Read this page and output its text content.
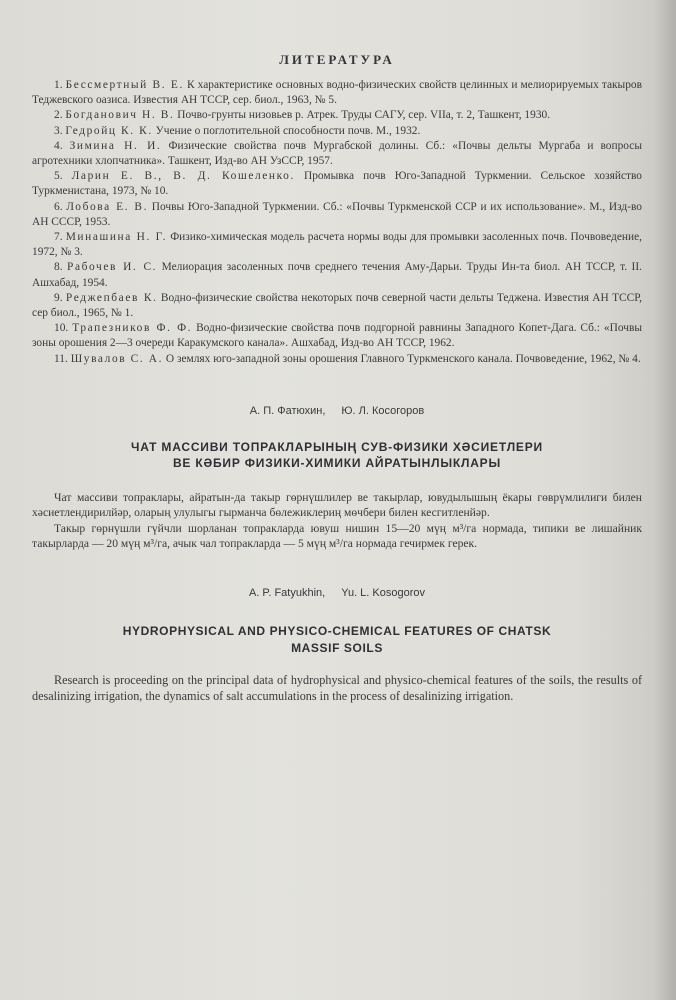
ЛИТЕРАТУРА

1. Бессмертный В. Е. К характеристике основных водно-физических свойств целинных и мелиорируемых такыров Теджевского оазиса. Известия АН ТССР, сер. биол., 1963, № 5.

2. Богданович Н. В. Почво-грунты низовьев р. Атрек. Труды САГУ, сер. VIIа, т. 2, Ташкент, 1930.

3. Гедройц К. К. Учение о поглотительной способности почв. М., 1932.

4. Зимина Н. И. Физические свойства почв Мургабской долины. Сб.: «Почвы дельты Мургаба и вопросы агротехники хлопчатника». Ташкент, Изд-во АН УзССР, 1957.

5. Ларин Е. В., В. Д. Кошеленко. Промывка почв Юго-Западной Туркмении. Сельское хозяйство Туркменистана, 1973, № 10.

6. Лобова Е. В. Почвы Юго-Западной Туркмении. Сб.: «Почвы Туркменской ССР и их использование». М., Изд-во АН СССР, 1953.

7. Минашина Н. Г. Физико-химическая модель расчета нормы воды для промывки засоленных почв. Почвоведение, 1972, № 3.

8. Рабочев И. С. Мелиорация засоленных почв среднего течения Аму-Дарьи. Труды Ин-та биол. АН ТССР, т. II. Ашхабад, 1954.

9. Реджепбаев К. Водно-физические свойства некоторых почв северной части дельты Теджена. Известия АН ТССР, сер биол., 1965, № 1.

10. Трапезников Ф. Ф. Водно-физические свойства почв подгорной равнины Западного Копет-Дага. Сб.: «Почвы зоны орошения 2—3 очереди Каракумского канала». Ашхабад, Изд-во АН ТССР, 1962.

11. Шувалов С. А. О землях юго-западной зоны орошения Главного Туркменского канала. Почвоведение, 1962, № 4.

А. П. Фатюхин, Ю. Л. Косогоров
ЧАТ МАССИВИ ТОПРАКЛАРЫНЫҢ СУВ-ФИЗИКИ ХӘСИЕТЛЕРИ
ВЕ КӘБИР ФИЗИКИ-ХИМИКИ АЙРАТЫНЛЫКЛАРЫ

Чат массиви топраклары, айратын-да такыр гөрнүшлилер ве такырлар, ювудылышың ёкары гөврүмлилиги билен хәсиетлендирилйәр, оларың улулыгы гырманча бөлежиклериң мөчбери билен кесгитленйәр.

Такыр гөрнүшли гүйчли шорланан топракларда ювуш нишин 15—20 мүң м³/га нормада, типики ве лишайник такырларда — 20 мүң м³/га, ачык чал топракларда — 5 мүң м³/га нормада гечирмек герек.

A. P. Fatyukhin, Yu. L. Kosogorov
HYDROPHYSICAL AND PHYSICO-CHEMICAL FEATURES OF CHATSK
MASSIF SOILS

Research is proceeding on the principal data of hydrophysical and physico-chemical features of the soils, the results of desalinizing irrigation, the dynamics of salt accumulations in the process of desalinizing irrigation.
